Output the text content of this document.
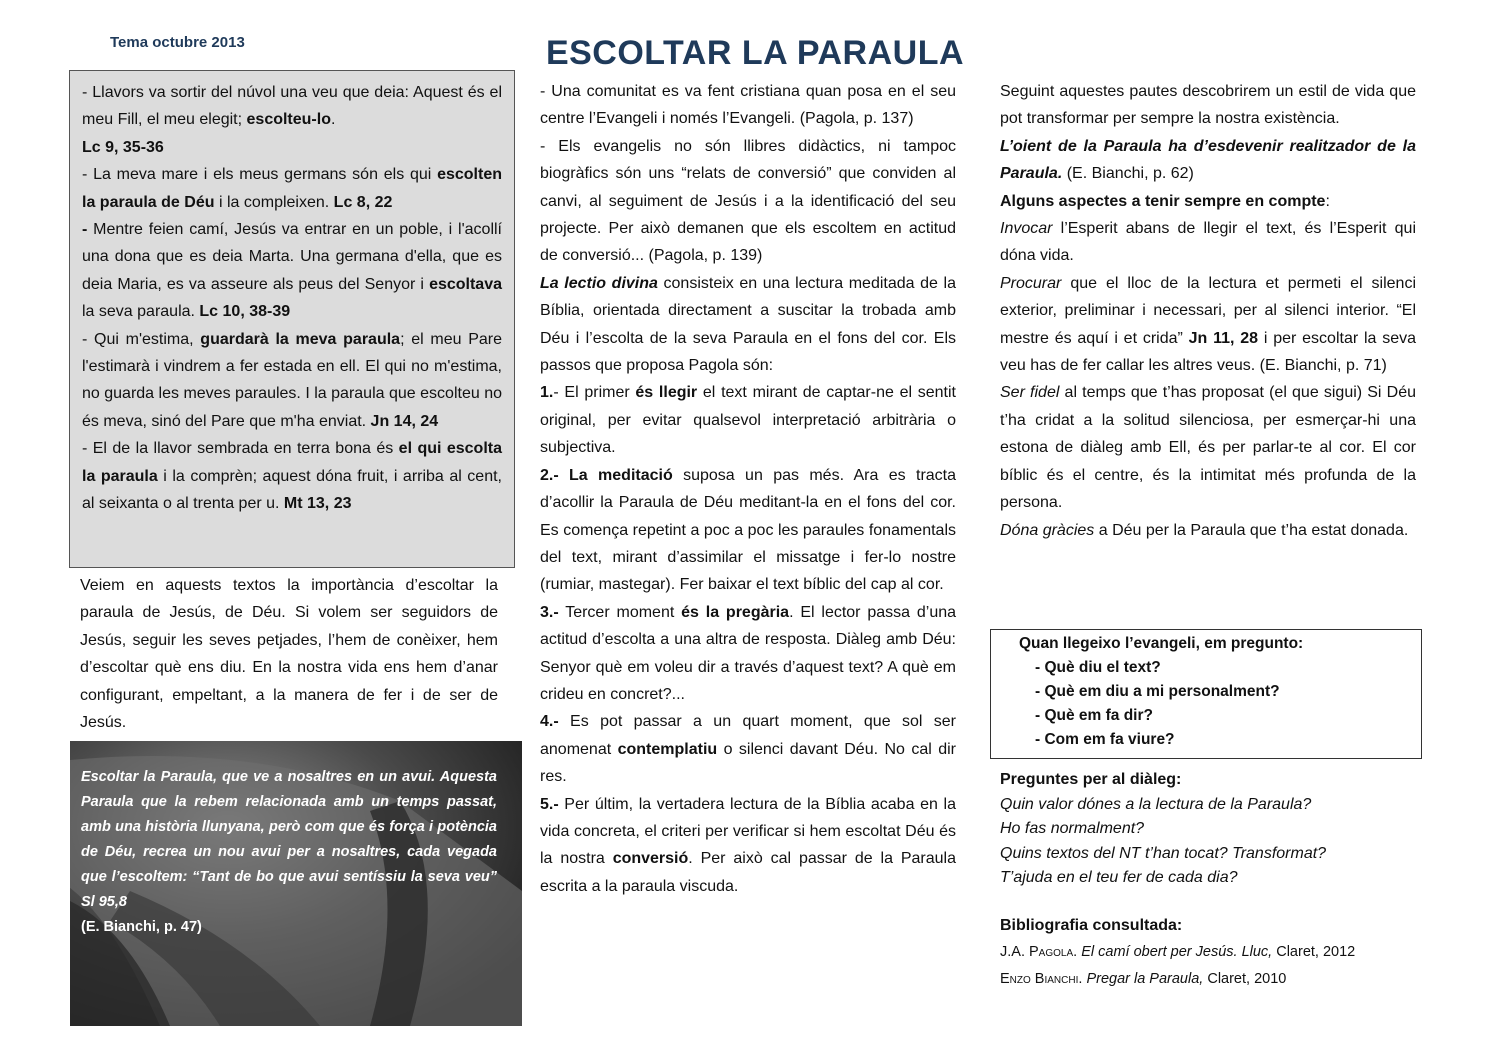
Tema octubre 2013	ESCOLTAR LA PARAULA

- Llavors va sortir del núvol una veu que deia: Aquest és el meu Fill, el meu elegit; escolteu-lo.

Lc 9, 35-36

- La meva mare i els meus germans són els qui escolten la paraula de Déu i la compleixen. Lc 8, 22

- Mentre feien camí, Jesús va entrar en un poble, i l'acollí una dona que es deia Marta. Una germana d'ella, que es deia Maria, es va asseure als peus del Senyor i escoltava la seva paraula. Lc 10, 38-39

- Qui m'estima, guardarà la meva paraula; el meu Pare l'estimarà i vindrem a fer estada en ell. El qui no m'estima, no guarda les meves paraules. I la paraula que escolteu no és meva, sinó del Pare que m'ha enviat. Jn 14, 24

- El de la llavor sembrada en terra bona és el qui escolta la paraula i la comprèn; aquest dóna fruit, i arriba al cent, al seixanta o al trenta per u. Mt 13, 23

Veiem en aquests textos la importància d’escoltar la paraula de Jesús, de Déu. Si volem ser seguidors de Jesús, seguir les seves petjades, l’hem de conèixer, hem d’escoltar què ens diu. En la nostra vida ens hem d’anar configurant, empeltant, a la manera de fer i de ser de Jesús.

Escoltar la Paraula, que ve a nosaltres en un avui. Aquesta Paraula que la rebem relacionada amb un temps passat, amb una història llunyana, però com que és força i potència de Déu, recrea un nou avui per a nosaltres, cada vegada que l’escoltem: “Tant de bo que avui sentíssiu la seva veu” Sl 95,8

(E. Bianchi, p. 47)

- Una comunitat es va fent cristiana quan posa en el seu centre l’Evangeli i només l’Evangeli. (Pagola, p. 137)

- Els evangelis no són llibres didàctics, ni tampoc biogràfics són uns “relats de conversió” que conviden al canvi, al seguiment de Jesús i a la identificació del seu projecte. Per això demanen que els escoltem en actitud de conversió... (Pagola, p. 139)

La lectio divina consisteix en una lectura meditada de la Bíblia, orientada directament a suscitar la trobada amb Déu i l’escolta de la seva Paraula en el fons del cor. Els passos que proposa Pagola són:

1.- El primer és llegir el text mirant de captar-ne el sentit original, per evitar qualsevol interpretació arbitrària o subjectiva.

2.- La meditació suposa un pas més. Ara es tracta d’acollir la Paraula de Déu meditant-la en el fons del cor. Es comença repetint a poc a poc les paraules fonamentals del text, mirant d’assimilar el missatge i fer-lo nostre (rumiar, mastegar). Fer baixar el text bíblic del cap al cor.

3.- Tercer moment és la pregària. El lector passa d’una actitud d’escolta a una altra de resposta. Diàleg amb Déu: Senyor què em voleu dir a través d’aquest text? A què em crideu en concret?...

4.- Es pot passar a un quart moment, que sol ser anomenat contemplatiu o silenci davant Déu. No cal dir res.

5.- Per últim, la vertadera lectura de la Bíblia acaba en la vida concreta, el criteri per verificar si hem escoltat Déu és la nostra conversió. Per això cal passar de la Paraula escrita a la paraula viscuda.

Seguint aquestes pautes descobrirem un estil de vida que pot transformar per sempre la nostra existència.

L’oient de la Paraula ha d’esdevenir realitzador de la Paraula. (E. Bianchi, p. 62)

Alguns aspectes a tenir sempre en compte:

Invocar l’Esperit abans de llegir el text, és l’Esperit qui dóna vida.

Procurar que el lloc de la lectura et permeti el silenci exterior, preliminar i necessari, per al silenci interior. “El mestre és aquí i et crida” Jn 11, 28 i per escoltar la seva veu has de fer callar les altres veus. (E. Bianchi, p. 71)

Ser fidel al temps que t’has proposat (el que sigui) Si Déu t’ha cridat a la solitud silenciosa, per esmerçar-hi una estona de diàleg amb Ell, és per parlar-te al cor. El cor bíblic és el centre, és la intimitat més profunda de la persona.

Dóna gràcies a Déu per la Paraula que t’ha estat donada.

Quan llegeixo l’evangeli, em pregunto:
- Què diu el text?
- Què em diu a mi personalment?
- Què em fa dir?
- Com em fa viure?

Preguntes per al diàleg:

Quin valor dónes a la lectura de la Paraula?

Ho fas normalment?

Quins textos del NT t’han tocat? Transformat?

T’ajuda en el teu fer de cada dia?

Bibliografia consultada:

J.A. Pagola. El camí obert per Jesús. Lluc, Claret, 2012

Enzo Bianchi. Pregar la Paraula, Claret, 2010
